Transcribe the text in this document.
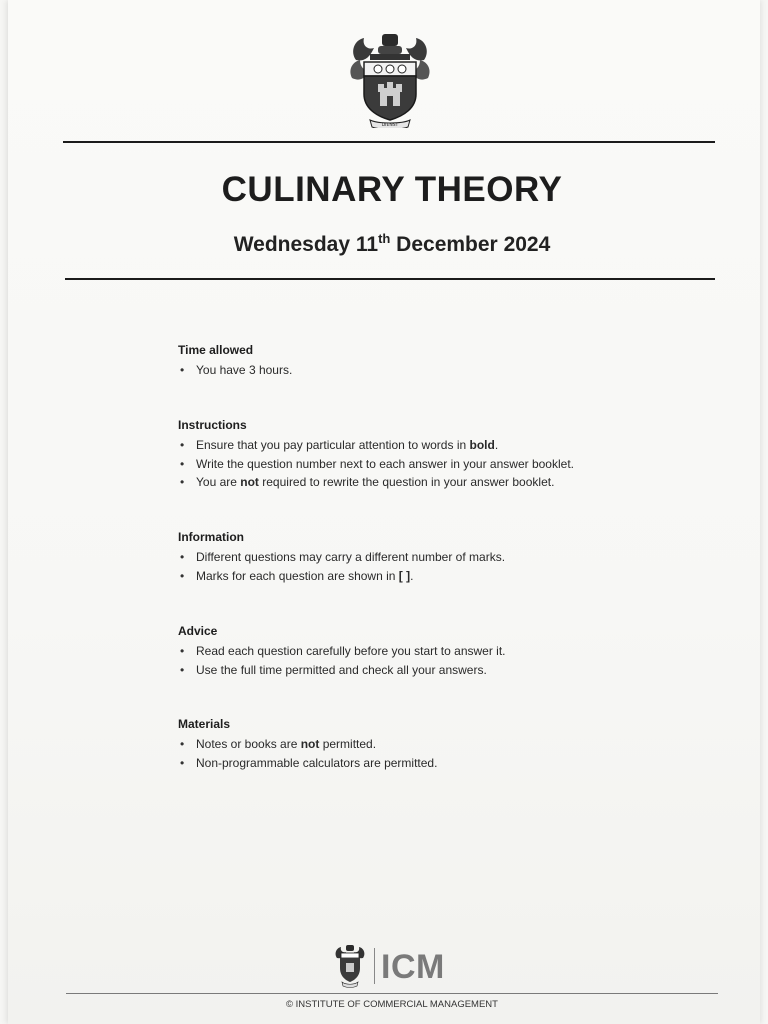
DIENST
CULINARY THEORY
Wednesday 11th December 2024
Time allowed
• You have 3 hours.
Instructions
• Ensure that you pay particular attention to words in bold.
• Write the question number next to each answer in your answer booklet.
• You are not required to rewrite the question in your answer booklet.
Information
• Different questions may carry a different number of marks.
• Marks for each question are shown in [ ].
Advice
• Read each question carefully before you start to answer it.
• Use the full time permitted and check all your answers.
Materials
• Notes or books are not permitted.
• Non-programmable calculators are permitted.
ICM
© INSTITUTE OF COMMERCIAL MANAGEMENT
